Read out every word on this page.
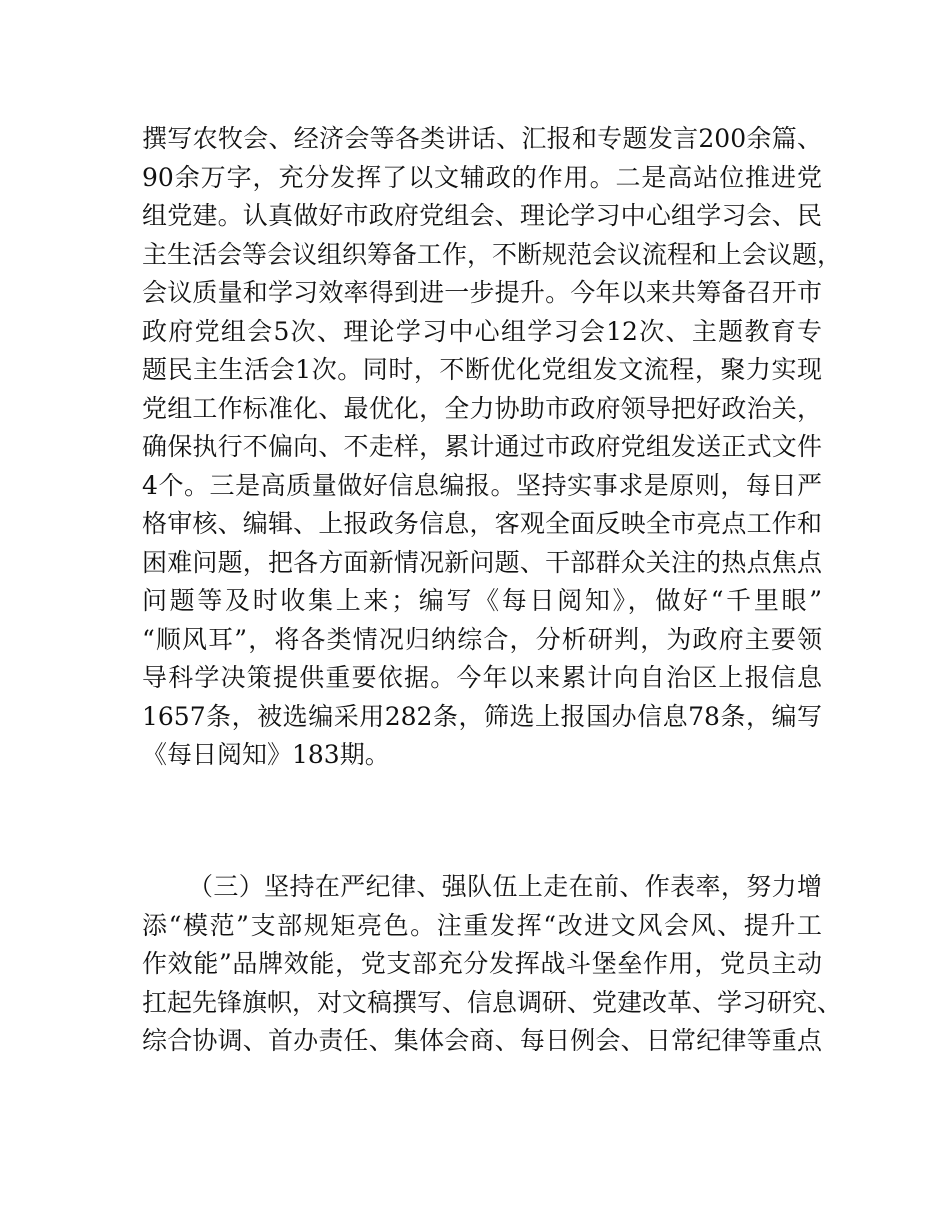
撰写农牧会、经济会等各类讲话、汇报和专题发言200余篇、
90余万字，充分发挥了以文辅政的作用。二是高站位推进党
组党建。认真做好市政府党组会、理论学习中心组学习会、民
主生活会等会议组织筹备工作，不断规范会议流程和上会议题，
会议质量和学习效率得到进一步提升。今年以来共筹备召开市
政府党组会5次、理论学习中心组学习会12次、主题教育专
题民主生活会1次。同时，不断优化党组发文流程，聚力实现
党组工作标准化、最优化，全力协助市政府领导把好政治关，
确保执行不偏向、不走样，累计通过市政府党组发送正式文件
4个。三是高质量做好信息编报。坚持实事求是原则，每日严
格审核、编辑、上报政务信息，客观全面反映全市亮点工作和
困难问题，把各方面新情况新问题、干部群众关注的热点焦点
问题等及时收集上来；编写《每日阅知》，做好“千里眼”
“顺风耳”，将各类情况归纳综合，分析研判，为政府主要领
导科学决策提供重要依据。今年以来累计向自治区上报信息
1657条，被选编采用282条，筛选上报国办信息78条，编写
《每日阅知》183期。
（三）坚持在严纪律、强队伍上走在前、作表率，努力增
添“模范”支部规矩亮色。注重发挥“改进文风会风、提升工
作效能”品牌效能，党支部充分发挥战斗堡垒作用，党员主动
扛起先锋旗帜，对文稿撰写、信息调研、党建改革、学习研究、
综合协调、首办责任、集体会商、每日例会、日常纪律等重点
